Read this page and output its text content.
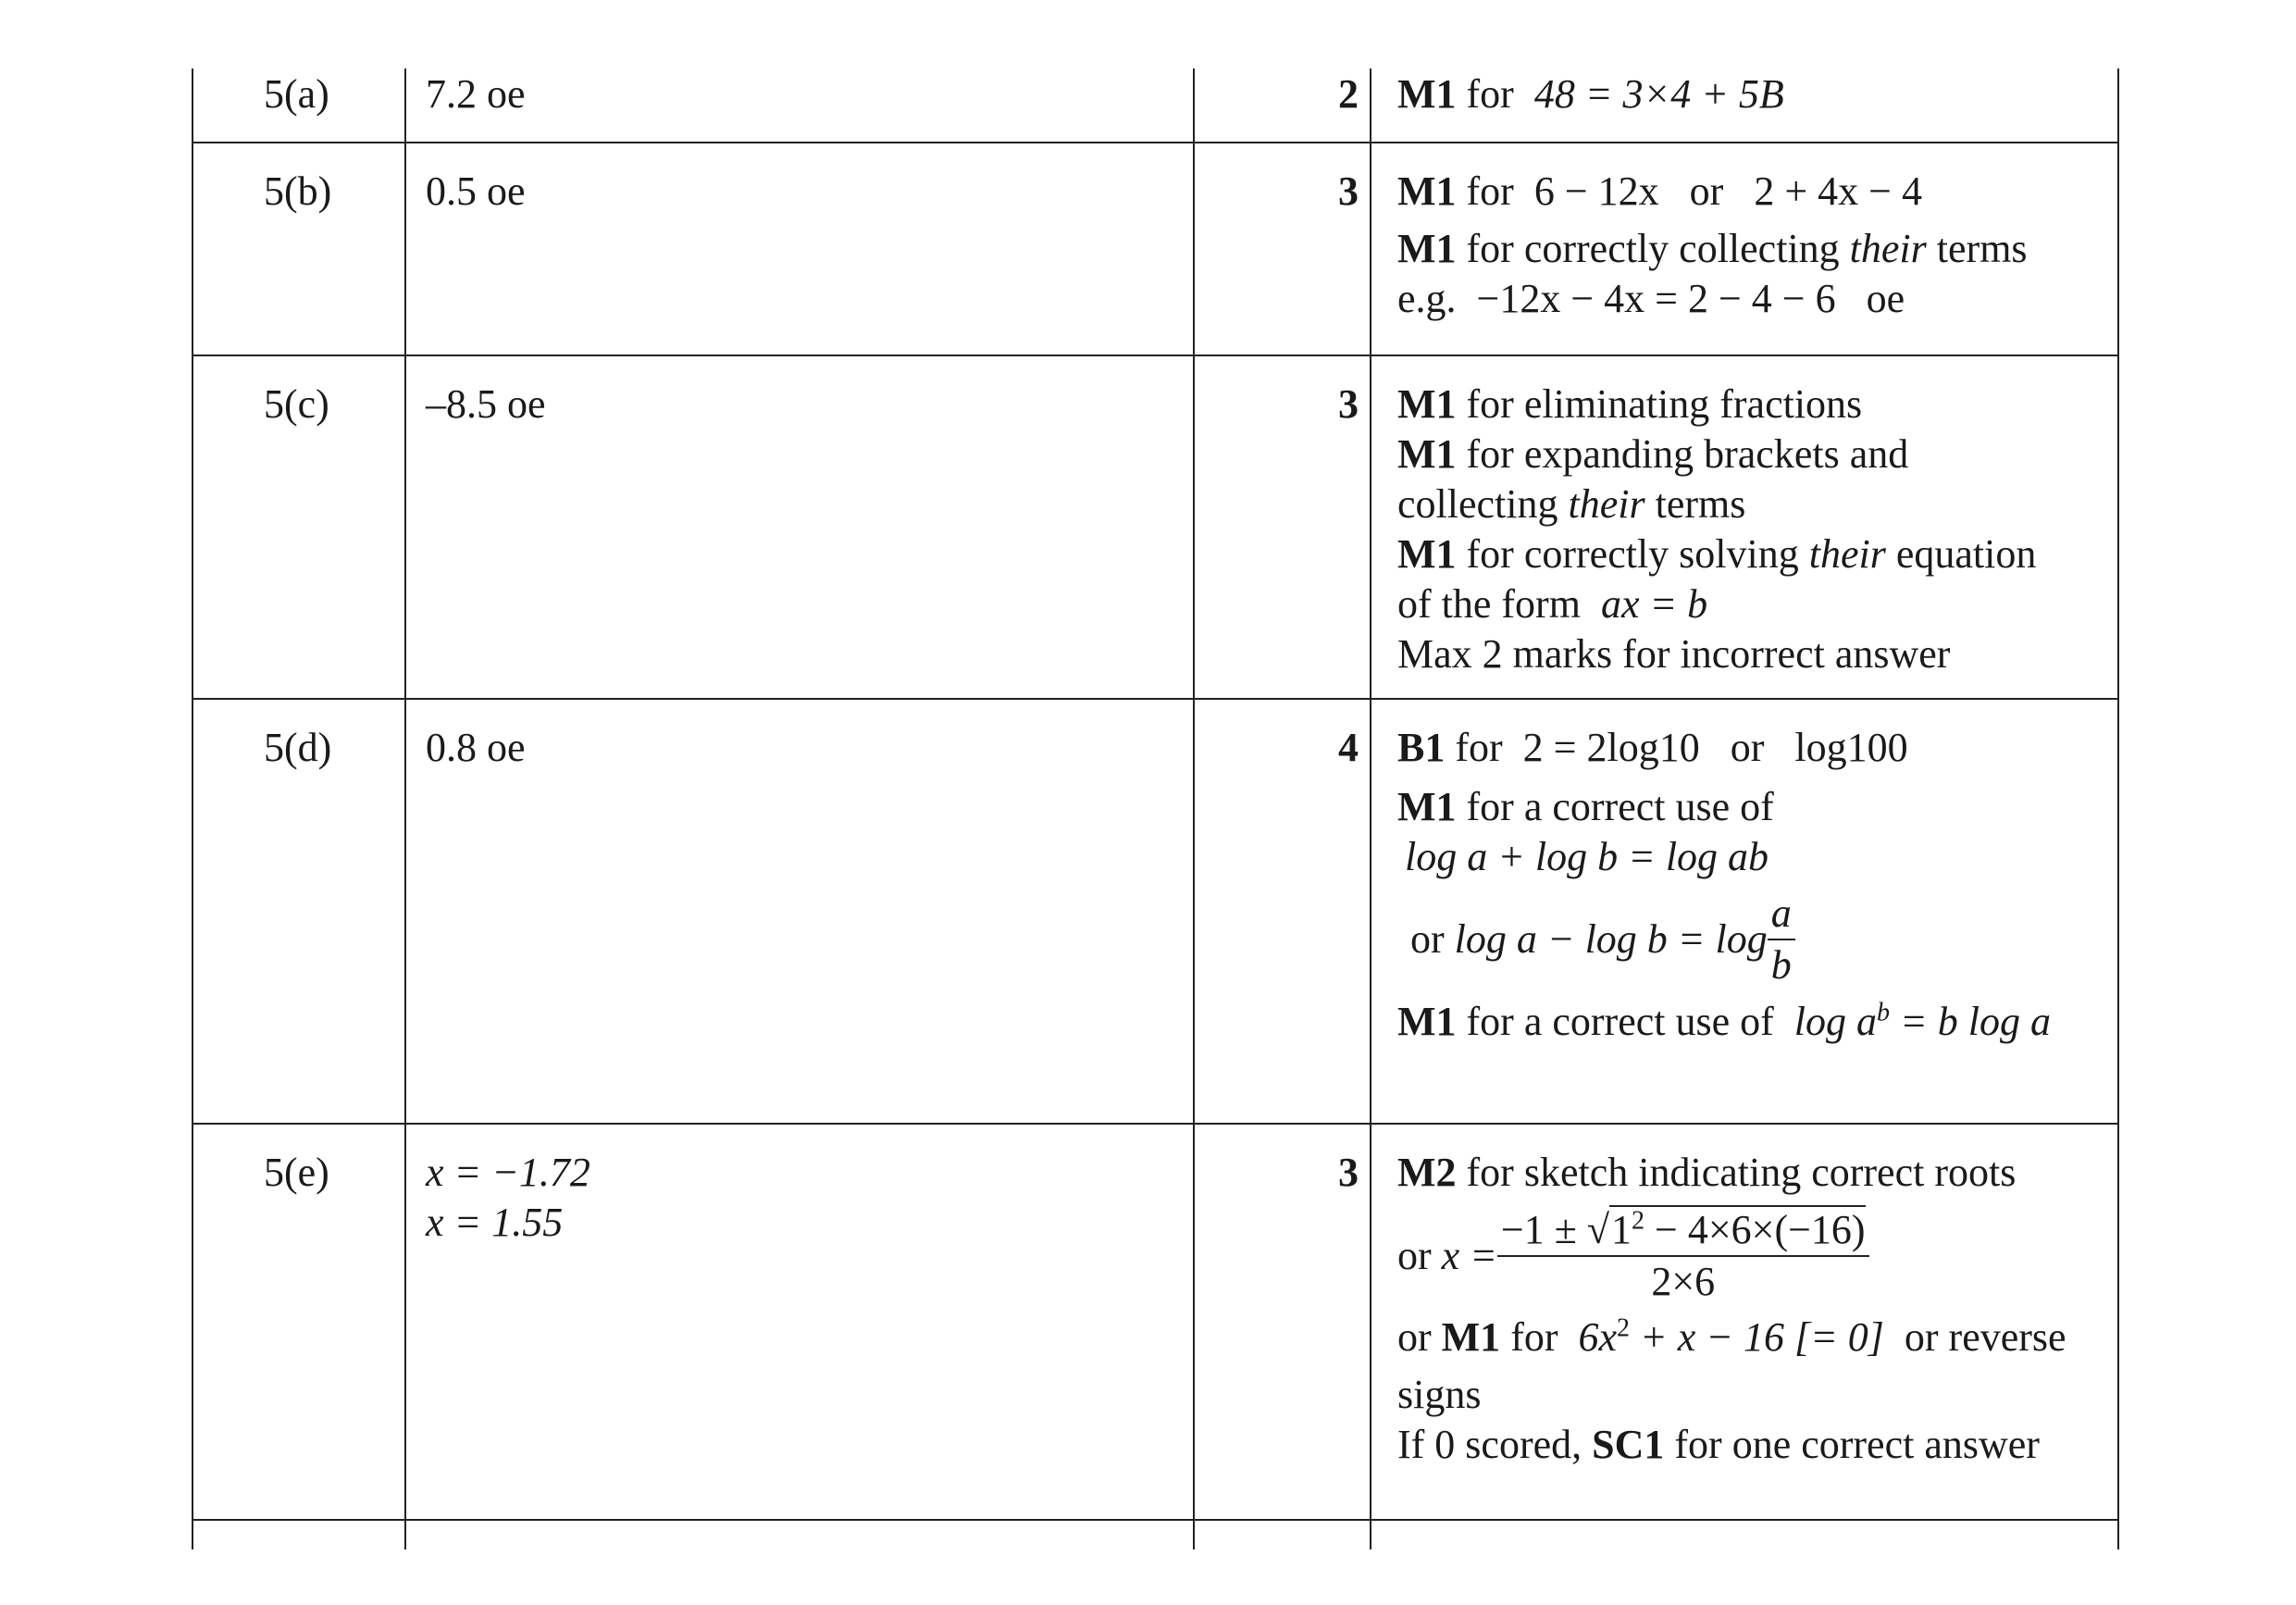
5(a) 7.2 oe	2 M1 for 48 = 3×4 + 5B
5(b) 0.5 oe	3 M1 for 6 − 12x or 2 + 4x − 4
M1 for correctly collecting their terms
e.g. −12x − 4x = 2 − 4 − 6 oe
5(c) –8.5 oe	3 M1 for eliminating fractions
M1 for expanding brackets and
collecting their terms
M1 for correctly solving their equation
of the form ax = b
Max 2 marks for incorrect answer
5(d) 0.8 oe	4 B1 for 2 = 2log10 or log100
M1 for a correct use of
log a + log b = log ab
or
$\log a - \log b = \log \frac{a}{b}$
M1 for a correct use of $\log a^b = b$ log a
5(e) x = −1.72
x = 1.55
3 M2 for sketch indicating correct roots
or
$x = \frac{-1 \pm √1^2 - 4\times 6\times(-16)}{2\times 6}$
or M1 for $6x^2 + x - 16$ [= 0] or reverse
signs
If 0 scored, SC1 for one correct answer
